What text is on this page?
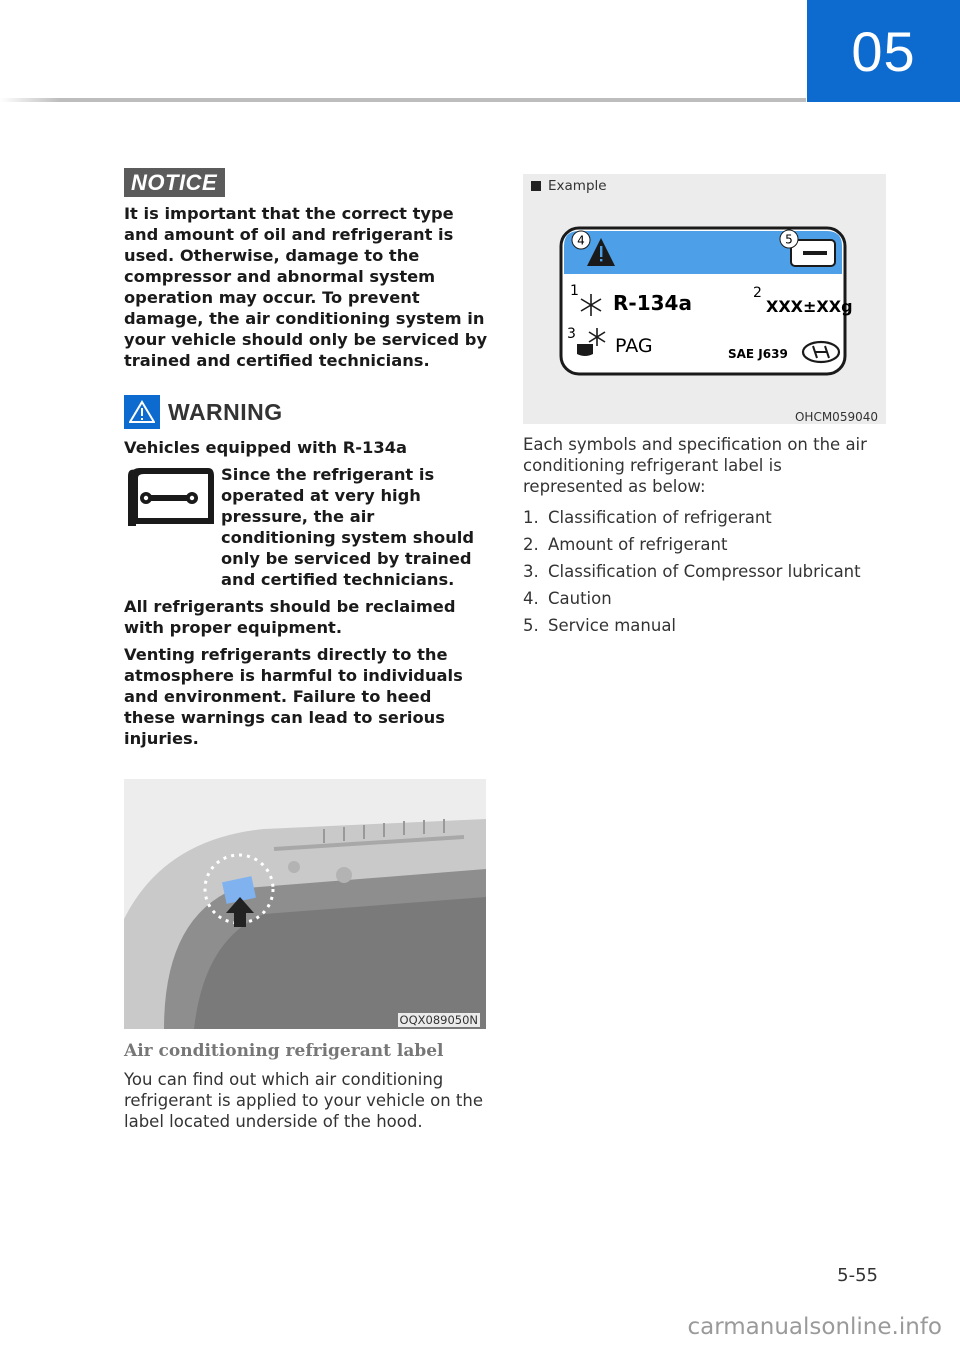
05
NOTICE

It is important that the correct type and amount of oil and refrigerant is used. Otherwise, damage to the compressor and abnormal system operation may occur. To prevent damage, the air conditioning system in your vehicle should only be serviced by trained and certified technicians.

WARNING

Vehicles equipped with R-134a

Since the refrigerant is operated at very high pressure, the air conditioning system should only be serviced by trained and certified technicians.

All refrigerants should be reclaimed with proper equipment.

Venting refrigerants directly to the atmosphere is harmful to individuals and environment. Failure to heed these warnings can lead to serious injuries.

OQX089050N
Air conditioning refrigerant label
You can find out which air conditioning refrigerant is applied to your vehicle on the label located underside of the hood.
Example
4	5
1	2
3
R-134a	XXX±XXg
PAG	SAE J639
OHCM059040
Each symbols and specification on the air conditioning refrigerant label is represented as below:
1. Classification of refrigerant
2. Amount of refrigerant
3. Classification of Compressor lubricant
4. Caution
5. Service manual
5-55
carmanualsonline.info
